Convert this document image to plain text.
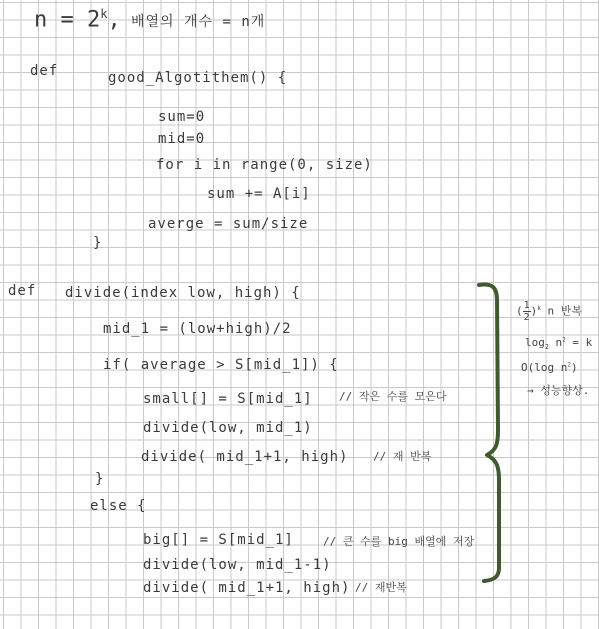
$n = 2^k$, 배열의 개수 = n개
def	good_Algotithem() {
sum=0
mid=0
for i in range(0, size)
sum += A[i]
averge = sum/size
}
def divide(index low, high) {
mid_1 = (low+high)/2
if( average > S[mid_1]) {
small[] = S[mid_1] // 작은 수를 모은다
divide(low, mid_1)
divide( mid_1+1, high) // 재 반복
}
else {
big[] = S[mid_1]	// 큰 수를 big 배열에 저장
divide(low, mid_1-1)
divide( mid_1+1, high) // 재반복
( $\frac{1}{2} )^k$ n 반복
$\log_2 n^2 = k$
O(log $n^2$)
→ 성능향상.
